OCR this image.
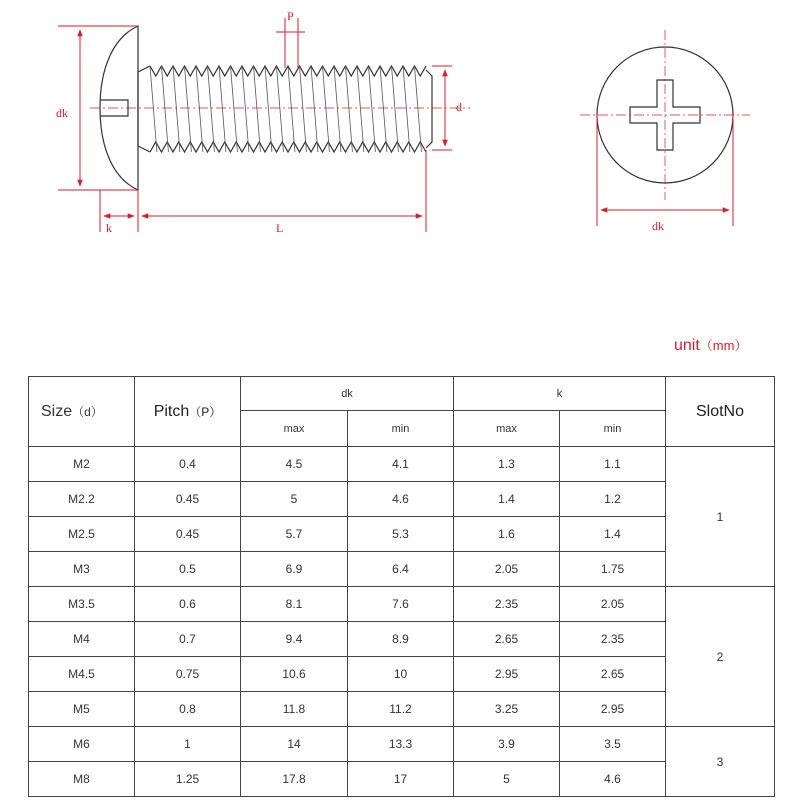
P
dk	d
k	L	dk
unit（mm）
Size（d）	Pitch（P）	dk		k		SlotNo
		max	min	max	min	
M2	0.4	4.5	4.1	1.3	1.1	1
M2.2	0.45	5	4.6	1.4	1.2	
M2.5	0.45	5.7	5.3	1.6	1.4	
M3	0.5	6.9	6.4	2.05	1.75	
M3.5	0.6	8.1	7.6	2.35	2.05	2
M4	0.7	9.4	8.9	2.65	2.35	
M4.5	0.75	10.6	10	2.95	2.65	
M5	0.8	11.8	11.2	3.25	2.95	
M6	1	14	13.3	3.9	3.5	3
M8	1.25	17.8	17	5	4.6	
